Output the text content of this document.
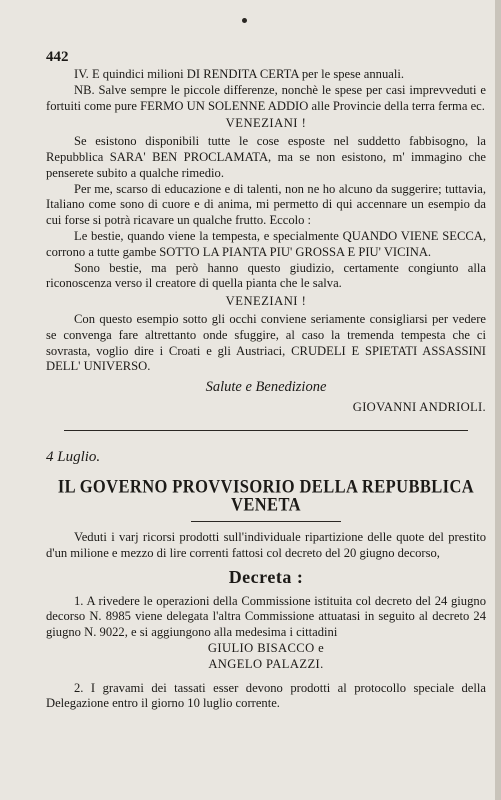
442

IV. E quindici milioni DI RENDITA CERTA per le spese annuali.

NB. Salve sempre le piccole differenze, nonchè le spese per casi imprevveduti e fortuiti come pure FERMO UN SOLENNE ADDIO alle Provincie della terra ferma ec.

VENEZIANI !

Se esistono disponibili tutte le cose esposte nel suddetto fabbisogno, la Repubblica SARA' BEN PROCLAMATA, ma se non esistono, m' immagino che penserete subito a qualche rimedio.

Per me, scarso di educazione e di talenti, non ne ho alcuno da suggerire; tuttavia, Italiano come sono di cuore e di anima, mi permetto di qui accennare un esempio da cui forse si potrà ricavare un qualche frutto. Eccolo :

Le bestie, quando viene la tempesta, e specialmente QUANDO VIENE SECCA, corrono a tutte gambe SOTTO LA PIANTA PIU' GROSSA E PIU' VICINA.

Sono bestie, ma però hanno questo giudizio, certamente congiunto alla riconoscenza verso il creatore di quella pianta che le salva.

VENEZIANI !

Con questo esempio sotto gli occhi conviene seriamente consigliarsi per vedere se convenga fare altrettanto onde sfuggire, al caso la tremenda tempesta che ci sovrasta, voglio dire i Croati e gli Austriaci, CRUDELI E SPIETATI ASSASSINI DELL' UNIVERSO.

Salute e Benedizione
GIOVANNI ANDRIOLI.
4 Luglio.
IL GOVERNO PROVVISORIO DELLA REPUBBLICA VENETA

Veduti i varj ricorsi prodotti sull'individuale ripartizione delle quote del prestito d'un milione e mezzo di lire correnti fattosi col decreto del 20 giugno decorso,

Decreta :

1. A rivedere le operazioni della Commissione istituita col decreto del 24 giugno decorso N. 8985 viene delegata l'altra Commissione attuatasi in seguito al decreto 24 giugno N. 9022, e si aggiungono alla medesima i cittadini

GIULIO BISACCO e
ANGELO PALAZZI.

2. I gravami dei tassati esser devono prodotti al protocollo speciale della Delegazione entro il giorno 10 luglio corrente.
